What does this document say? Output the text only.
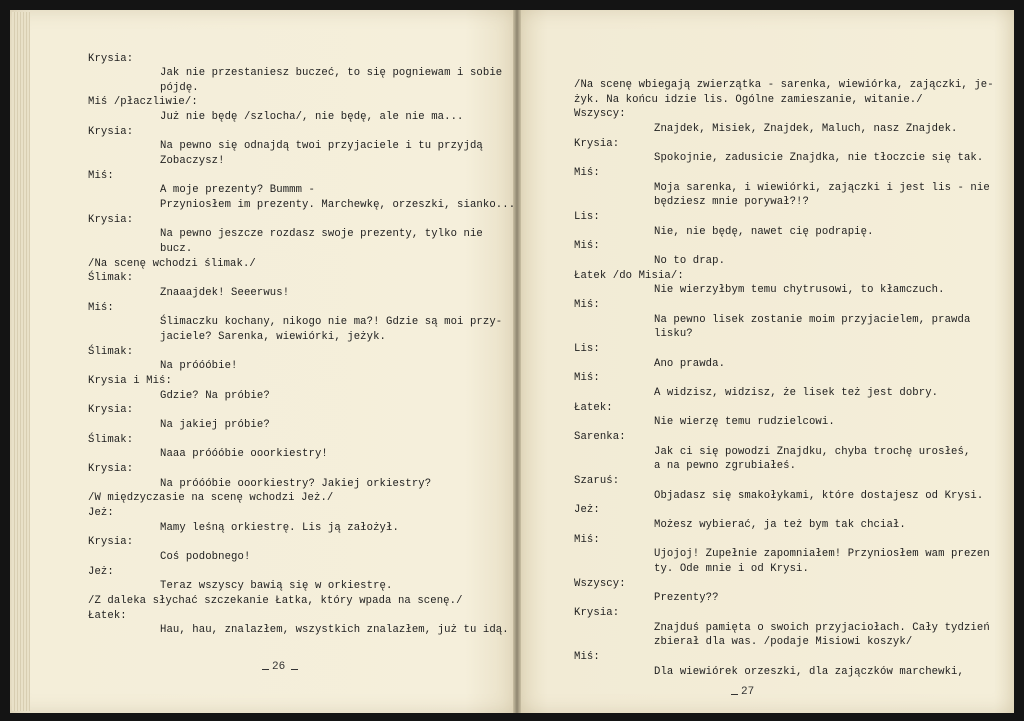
Krysia:
Jak nie przestaniesz buczeć, to się pogniewam i sobie
pójdę.
Miś /płaczliwie/:
Już nie będę /szlocha/, nie będę, ale nie ma...
Krysia:
Na pewno się odnajdą twoi przyjaciele i tu przyjdą
Zobaczysz!
Miś:
A moje prezenty? Bummm -
Przyniosłem im prezenty. Marchewkę, orzeszki, sianko...
Krysia:
Na pewno jeszcze rozdasz swoje prezenty, tylko nie
bucz.
/Na scenę wchodzi ślimak./
Ślimak:
Znaaajdek! Seeerwus!
Miś:
Ślimaczku kochany, nikogo nie ma?! Gdzie są moi przy-
jaciele? Sarenka, wiewiórki, jeżyk.
Ślimak:
Na próóóbie!
Krysia i Miś:
Gdzie? Na próbie?
Krysia:
Na jakiej próbie?
Ślimak:
Naaa próóóbie ooorkiestry!
Krysia:
Na próóóbie ooorkiestry? Jakiej orkiestry?
/W międzyczasie na scenę wchodzi Jeż./
Jeż:
Mamy leśną orkiestrę. Lis ją założył.
Krysia:
Coś podobnego!
Jeż:
Teraz wszyscy bawią się w orkiestrę.
/Z daleka słychać szczekanie Łatka, który wpada na scenę./
Łatek:
Hau, hau, znalazłem, wszystkich znalazłem, już tu idą.
/Na scenę wbiegają zwierzątka - sarenka, wiewiórka, zajączki, je-
żyk. Na końcu idzie lis. Ogólne zamieszanie, witanie./
Wszyscy:
Znajdek, Misiek, Znajdek, Maluch, nasz Znajdek.
Krysia:
Spokojnie, zadusicie Znajdka, nie tłoczcie się tak.
Miś:
Moja sarenka, i wiewiórki, zajączki i jest lis - nie
będziesz mnie porywał?!?
Lis:
Nie, nie będę, nawet cię podrapię.
Miś:
No to drap.
Łatek /do Misia/:
Nie wierzyłbym temu chytrusowi, to kłamczuch.
Miś:
Na pewno lisek zostanie moim przyjacielem, prawda
lisku?
Lis:
Ano prawda.
Miś:
A widzisz, widzisz, że lisek też jest dobry.
Łatek:
Nie wierzę temu rudzielcowi.
Sarenka:
Jak ci się powodzi Znajdku, chyba trochę urosłeś,
a na pewno zgrubiałeś.
Szaruś:
Objadasz się smakołykami, które dostajesz od Krysi.
Jeż:
Możesz wybierać, ja też bym tak chciał.
Miś:
Ujojoj! Zupełnie zapomniałem! Przyniosłem wam prezen
ty. Ode mnie i od Krysi.
Wszyscy:
Prezenty??
Krysia:
Znajduś pamięta o swoich przyjaciołach. Cały tydzień
zbierał dla was. /podaje Misiowi koszyk/
Miś:
Dla wiewiórek orzeszki, dla zajączków marchewki,
26
27
